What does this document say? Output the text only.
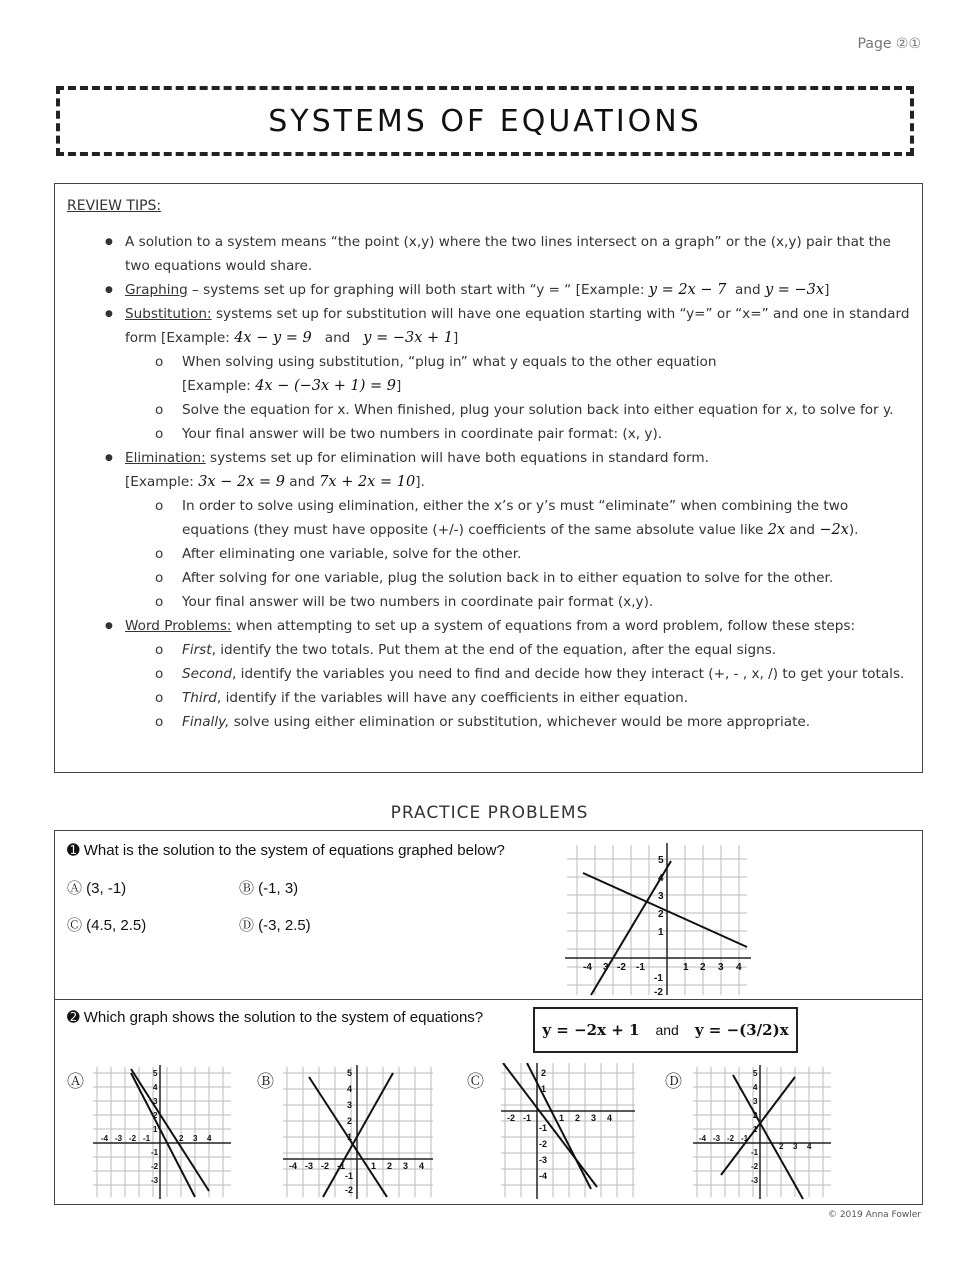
Page ②①
SYSTEMS OF EQUATIONS
REVIEW TIPS:
● A solution to a system means “the point (x,y) where the two lines intersect on a graph” or the (x,y) pair that the two equations would share.
● Graphing – systems set up for graphing will both start with “y = “ [Example: y = 2x − 7 and y = −3x]
● Substitution: systems set up for substitution will have one equation starting with “y=” or “x=” and one in standard form [Example: 4x − y = 9 and y = −3x + 1]
o When solving using substitution, “plug in” what y equals to the other equation
[Example: 4x − (−3x + 1) = 9]
o Solve the equation for x. When finished, plug your solution back into either equation for x, to solve for y.
o Your final answer will be two numbers in coordinate pair format: (x, y).
● Elimination: systems set up for elimination will have both equations in standard form.
[Example: 3x − 2x = 9 and 7x + 2x = 10].
o In order to solve using elimination, either the x’s or y’s must “eliminate” when combining the two equations (they must have opposite (+/-) coefficients of the same absolute value like 2x and −2x).
o After eliminating one variable, solve for the other.
o After solving for one variable, plug the solution back in to either equation to solve for the other.
o Your final answer will be two numbers in coordinate pair format (x,y).
● Word Problems: when attempting to set up a system of equations from a word problem, follow these steps:
o First, identify the two totals. Put them at the end of the equation, after the equal signs.
o Second, identify the variables you need to find and decide how they interact (+, - , x, /) to get your totals.
o Third, identify if the variables will have any coefficients in either equation.
o Finally, solve using either elimination or substitution, whichever would be more appropriate.
PRACTICE PROBLEMS
➊ What is the solution to the system of equations graphed below?
Ⓐ (3, -1)	Ⓑ (-1, 3)
Ⓒ (4.5, 2.5)	Ⓓ (-3, 2.5)
5
4
3
2
1
-4 3 -2 -1	1 2 3 4
-1
-2
➋ Which graph shows the solution to the system of equations?
y = −2x + 1 and y = −(3/2)x
Ⓐ	Ⓑ	Ⓒ	Ⓓ
5
4
3
2
1
-4 -3 -2 -1	2 3 4
-1
-2
-3
5
4
3
2
1
-4 -3 -2 -1	1 2 3 4
-1
-2
2
1
-2 -1	1 2 3 4
-1
-2
-3
-4
5
4
3
2
1
-4 -3 -2 -1
2 3 4
-1
-2
-3
© 2019 Anna Fowler
